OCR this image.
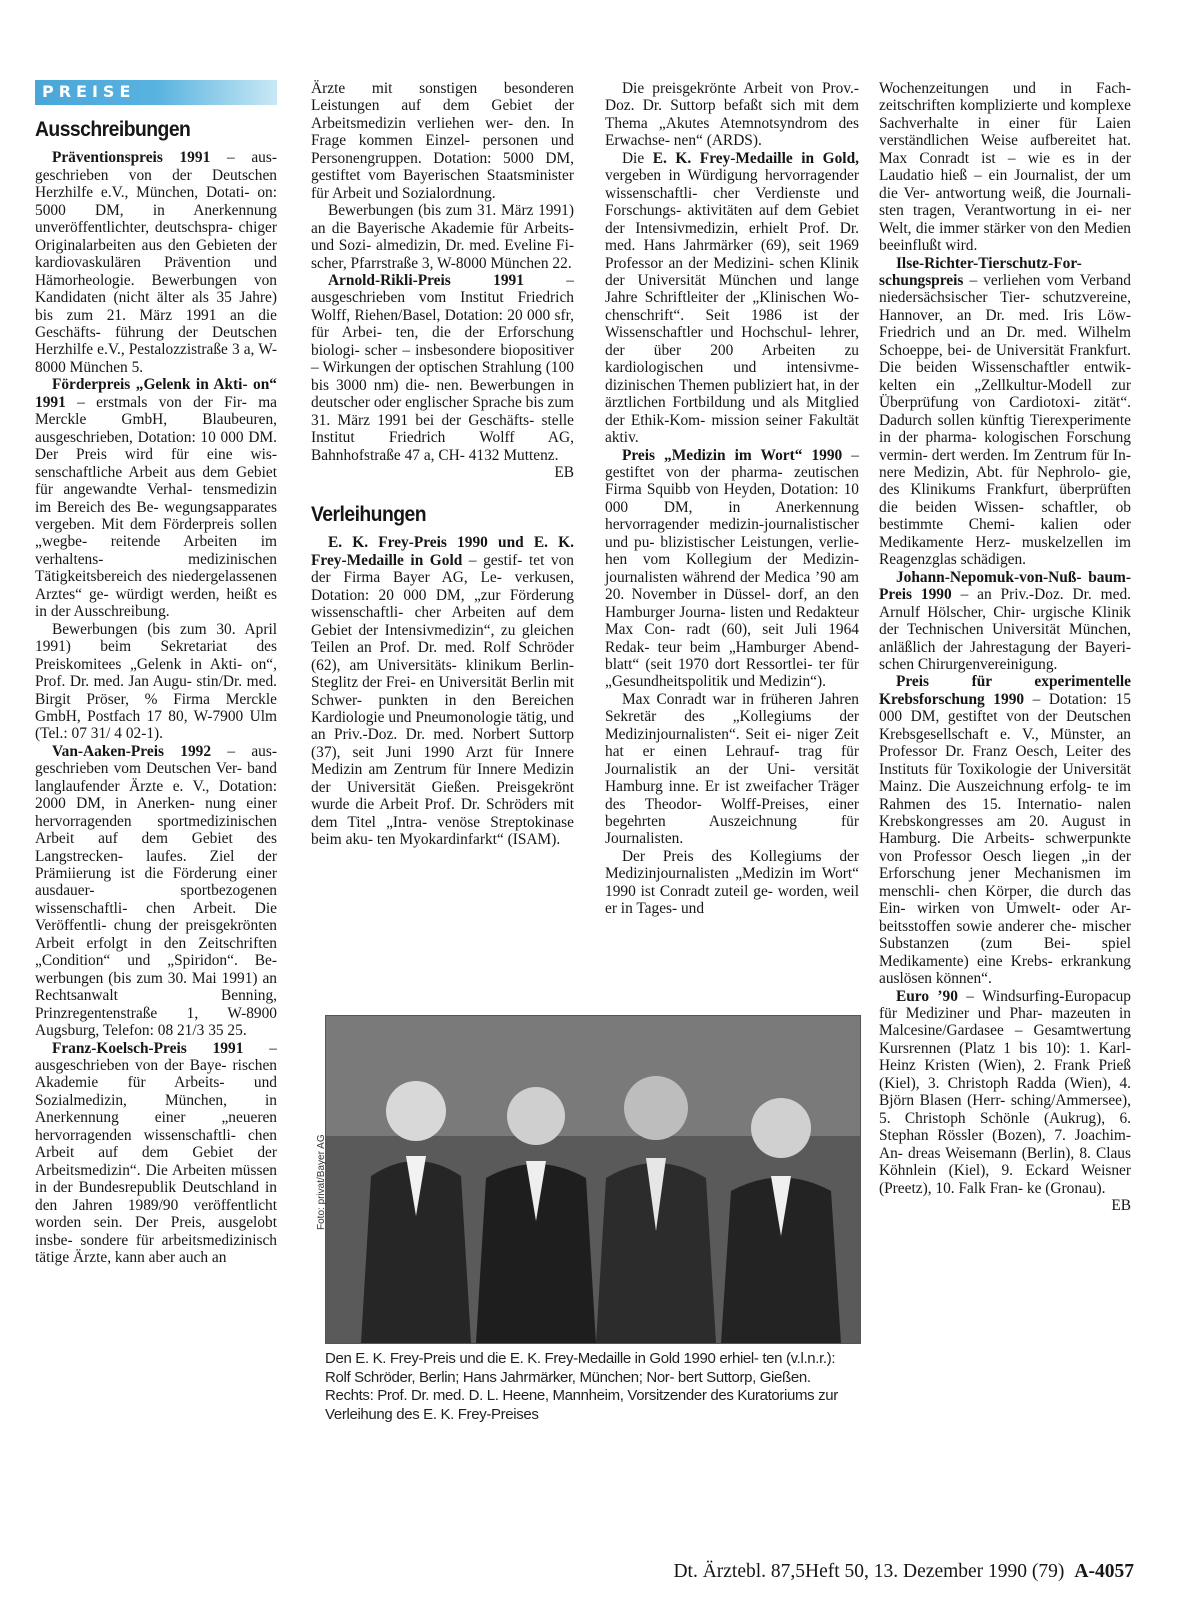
PREISE
Ausschreibungen

Präventionspreis 1991 – aus- geschrieben von der Deutschen Herzhilfe e.V., München, Dotati- on: 5000 DM, in Anerkennung unveröffentlichter, deutschspra- chiger Originalarbeiten aus den Gebieten der kardiovaskulären Prävention und Hämorheologie. Bewerbungen von Kandidaten (nicht älter als 35 Jahre) bis zum 21. März 1991 an die Geschäfts- führung der Deutschen Herzhilfe e.V., Pestalozzistraße 3 a, W-8000 München 5.

Förderpreis „Gelenk in Akti- on“ 1991 – erstmals von der Fir- ma Merckle GmbH, Blaubeuren, ausgeschrieben, Dotation: 10 000 DM. Der Preis wird für eine wis- senschaftliche Arbeit aus dem Gebiet für angewandte Verhal- tensmedizin im Bereich des Be- wegungsapparates vergeben. Mit dem Förderpreis sollen „wegbe- reitende Arbeiten im verhaltens- medizinischen Tätigkeitsbereich des niedergelassenen Arztes“ ge- würdigt werden, heißt es in der Ausschreibung.

Bewerbungen (bis zum 30. April 1991) beim Sekretariat des Preiskomitees „Gelenk in Akti- on“, Prof. Dr. med. Jan Augu- stin/Dr. med. Birgit Pröser, % Firma Merckle GmbH, Postfach 17 80, W-7900 Ulm (Tel.: 07 31/ 4 02-1).

Van-Aaken-Preis 1992 – aus- geschrieben vom Deutschen Ver- band langlaufender Ärzte e. V., Dotation: 2000 DM, in Anerken- nung einer hervorragenden sportmedizinischen Arbeit auf dem Gebiet des Langstrecken- laufes. Ziel der Prämiierung ist die Förderung einer ausdauer- sportbezogenen wissenschaftli- chen Arbeit. Die Veröffentli- chung der preisgekrönten Arbeit erfolgt in den Zeitschriften „Condition“ und „Spiridon“. Be- werbungen (bis zum 30. Mai 1991) an Rechtsanwalt Benning, Prinzregentenstraße 1, W-8900 Augsburg, Telefon: 08 21/3 35 25.

Franz-Koelsch-Preis 1991 – ausgeschrieben von der Baye- rischen Akademie für Arbeits- und Sozialmedizin, München, in Anerkennung einer „neueren hervorragenden wissenschaftli- chen Arbeit auf dem Gebiet der Arbeitsmedizin“. Die Arbeiten müssen in der Bundesrepublik Deutschland in den Jahren 1989/90 veröffentlicht worden sein. Der Preis, ausgelobt insbe- sondere für arbeitsmedizinisch tätige Ärzte, kann aber auch an

Ärzte mit sonstigen besonderen Leistungen auf dem Gebiet der Arbeitsmedizin verliehen wer- den. In Frage kommen Einzel- personen und Personengruppen. Dotation: 5000 DM, gestiftet vom Bayerischen Staatsminister für Arbeit und Sozialordnung.

Bewerbungen (bis zum 31. März 1991) an die Bayerische Akademie für Arbeits- und Sozi- almedizin, Dr. med. Eveline Fi- scher, Pfarrstraße 3, W-8000 München 22.

Arnold-Rikli-Preis 1991 – ausgeschrieben vom Institut Friedrich Wolff, Riehen/Basel, Dotation: 20 000 sfr, für Arbei- ten, die der Erforschung biologi- scher – insbesondere biopositiver – Wirkungen der optischen Strahlung (100 bis 3000 nm) die- nen. Bewerbungen in deutscher oder englischer Sprache bis zum 31. März 1991 bei der Geschäfts- stelle Institut Friedrich Wolff AG, Bahnhofstraße 47 a, CH- 4132 Muttenz.
EB

Verleihungen

E. K. Frey-Preis 1990 und E. K. Frey-Medaille in Gold – gestif- tet von der Firma Bayer AG, Le- verkusen, Dotation: 20 000 DM, „zur Förderung wissenschaftli- cher Arbeiten auf dem Gebiet der Intensivmedizin“, zu gleichen Teilen an Prof. Dr. med. Rolf Schröder (62), am Universitäts- klinikum Berlin-Steglitz der Frei- en Universität Berlin mit Schwer- punkten in den Bereichen Kardiologie und Pneumonologie tätig, und an Priv.-Doz. Dr. med. Norbert Suttorp (37), seit Juni 1990 Arzt für Innere Medizin am Zentrum für Innere Medizin der Universität Gießen. Preisgekrönt wurde die Arbeit Prof. Dr. Schröders mit dem Titel „Intra- venöse Streptokinase beim aku- ten Myokardinfarkt“ (ISAM).

Die preisgekrönte Arbeit von Prov.-Doz. Dr. Suttorp befaßt sich mit dem Thema „Akutes Atemnotsyndrom des Erwachse- nen“ (ARDS).

Die E. K. Frey-Medaille in Gold, vergeben in Würdigung hervorragender wissenschaftli- cher Verdienste und Forschungs- aktivitäten auf dem Gebiet der Intensivmedizin, erhielt Prof. Dr. med. Hans Jahrmärker (69), seit 1969 Professor an der Medizini- schen Klinik der Universität München und lange Jahre Schriftleiter der „Klinischen Wo- chenschrift“. Seit 1986 ist der Wissenschaftler und Hochschul- lehrer, der über 200 Arbeiten zu kardiologischen und intensivme- dizinischen Themen publiziert hat, in der ärztlichen Fortbildung und als Mitglied der Ethik-Kom- mission seiner Fakultät aktiv.

Preis „Medizin im Wort“ 1990 – gestiftet von der pharma- zeutischen Firma Squibb von Heyden, Dotation: 10 000 DM, in Anerkennung hervorragender medizin-journalistischer und pu- blizistischer Leistungen, verlie- hen vom Kollegium der Medizin- journalisten während der Medica ’90 am 20. November in Düssel- dorf, an den Hamburger Journa- listen und Redakteur Max Con- radt (60), seit Juli 1964 Redak- teur beim „Hamburger Abend- blatt“ (seit 1970 dort Ressortlei- ter für „Gesundheitspolitik und Medizin“).

Max Conradt war in früheren Jahren Sekretär des „Kollegiums der Medizinjournalisten“. Seit ei- niger Zeit hat er einen Lehrauf- trag für Journalistik an der Uni- versität Hamburg inne. Er ist zweifacher Träger des Theodor- Wolff-Preises, einer begehrten Auszeichnung für Journalisten.

Der Preis des Kollegiums der Medizinjournalisten „Medizin im Wort“ 1990 ist Conradt zuteil ge- worden, weil er in Tages- und

Wochenzeitungen und in Fach- zeitschriften komplizierte und komplexe Sachverhalte in einer für Laien verständlichen Weise aufbereitet hat. Max Conradt ist – wie es in der Laudatio hieß – ein Journalist, der um die Ver- antwortung weiß, die Journali- sten tragen, Verantwortung in ei- ner Welt, die immer stärker von den Medien beeinflußt wird.

Ilse-Richter-Tierschutz-For- schungspreis – verliehen vom Verband niedersächsischer Tier- schutzvereine, Hannover, an Dr. med. Iris Löw-Friedrich und an Dr. med. Wilhelm Schoeppe, bei- de Universität Frankfurt. Die beiden Wissenschaftler entwik- kelten ein „Zellkultur-Modell zur Überprüfung von Cardiotoxi- zität“. Dadurch sollen künftig Tierexperimente in der pharma- kologischen Forschung vermin- dert werden. Im Zentrum für In- nere Medizin, Abt. für Nephrolo- gie, des Klinikums Frankfurt, überprüften die beiden Wissen- schaftler, ob bestimmte Chemi- kalien oder Medikamente Herz- muskelzellen im Reagenzglas schädigen.

Johann-Nepomuk-von-Nuß- baum-Preis 1990 – an Priv.-Doz. Dr. med. Arnulf Hölscher, Chir- urgische Klinik der Technischen Universität München, anläßlich der Jahrestagung der Bayeri- schen Chirurgenvereinigung.

Preis für experimentelle Krebsforschung 1990 – Dotation: 15 000 DM, gestiftet von der Deutschen Krebsgesellschaft e. V., Münster, an Professor Dr. Franz Oesch, Leiter des Instituts für Toxikologie der Universität Mainz. Die Auszeichnung erfolg- te im Rahmen des 15. Internatio- nalen Krebskongresses am 20. August in Hamburg. Die Arbeits- schwerpunkte von Professor Oesch liegen „in der Erforschung jener Mechanismen im menschli- chen Körper, die durch das Ein- wirken von Umwelt- oder Ar- beitsstoffen sowie anderer che- mischer Substanzen (zum Bei- spiel Medikamente) eine Krebs- erkrankung auslösen können“.

Euro ’90 – Windsurfing-Europacup für Mediziner und Phar- mazeuten in Malcesine/Gardasee – Gesamtwertung Kursrennen (Platz 1 bis 10): 1. Karl-Heinz Kristen (Wien), 2. Frank Prieß (Kiel), 3. Christoph Radda (Wien), 4. Björn Blasen (Herr- sching/Ammersee), 5. Christoph Schönle (Aukrug), 6. Stephan Rössler (Bozen), 7. Joachim-An- dreas Weisemann (Berlin), 8. Claus Köhnlein (Kiel), 9. Eckard Weisner (Preetz), 10. Falk Fran- ke (Gronau).
EB

Foto: privat/Bayer AG
Den E. K. Frey-Preis und die E. K. Frey-Medaille in Gold 1990 erhiel- ten (v.l.n.r.): Rolf Schröder, Berlin; Hans Jahrmärker, München; Nor- bert Suttorp, Gießen. Rechts: Prof. Dr. med. D. L. Heene, Mannheim, Vorsitzender des Kuratoriums zur Verleihung des E. K. Frey-Preises
Dt. Ärztebl. 87,5Heft 50, 13. Dezember 1990 (79) A-4057
